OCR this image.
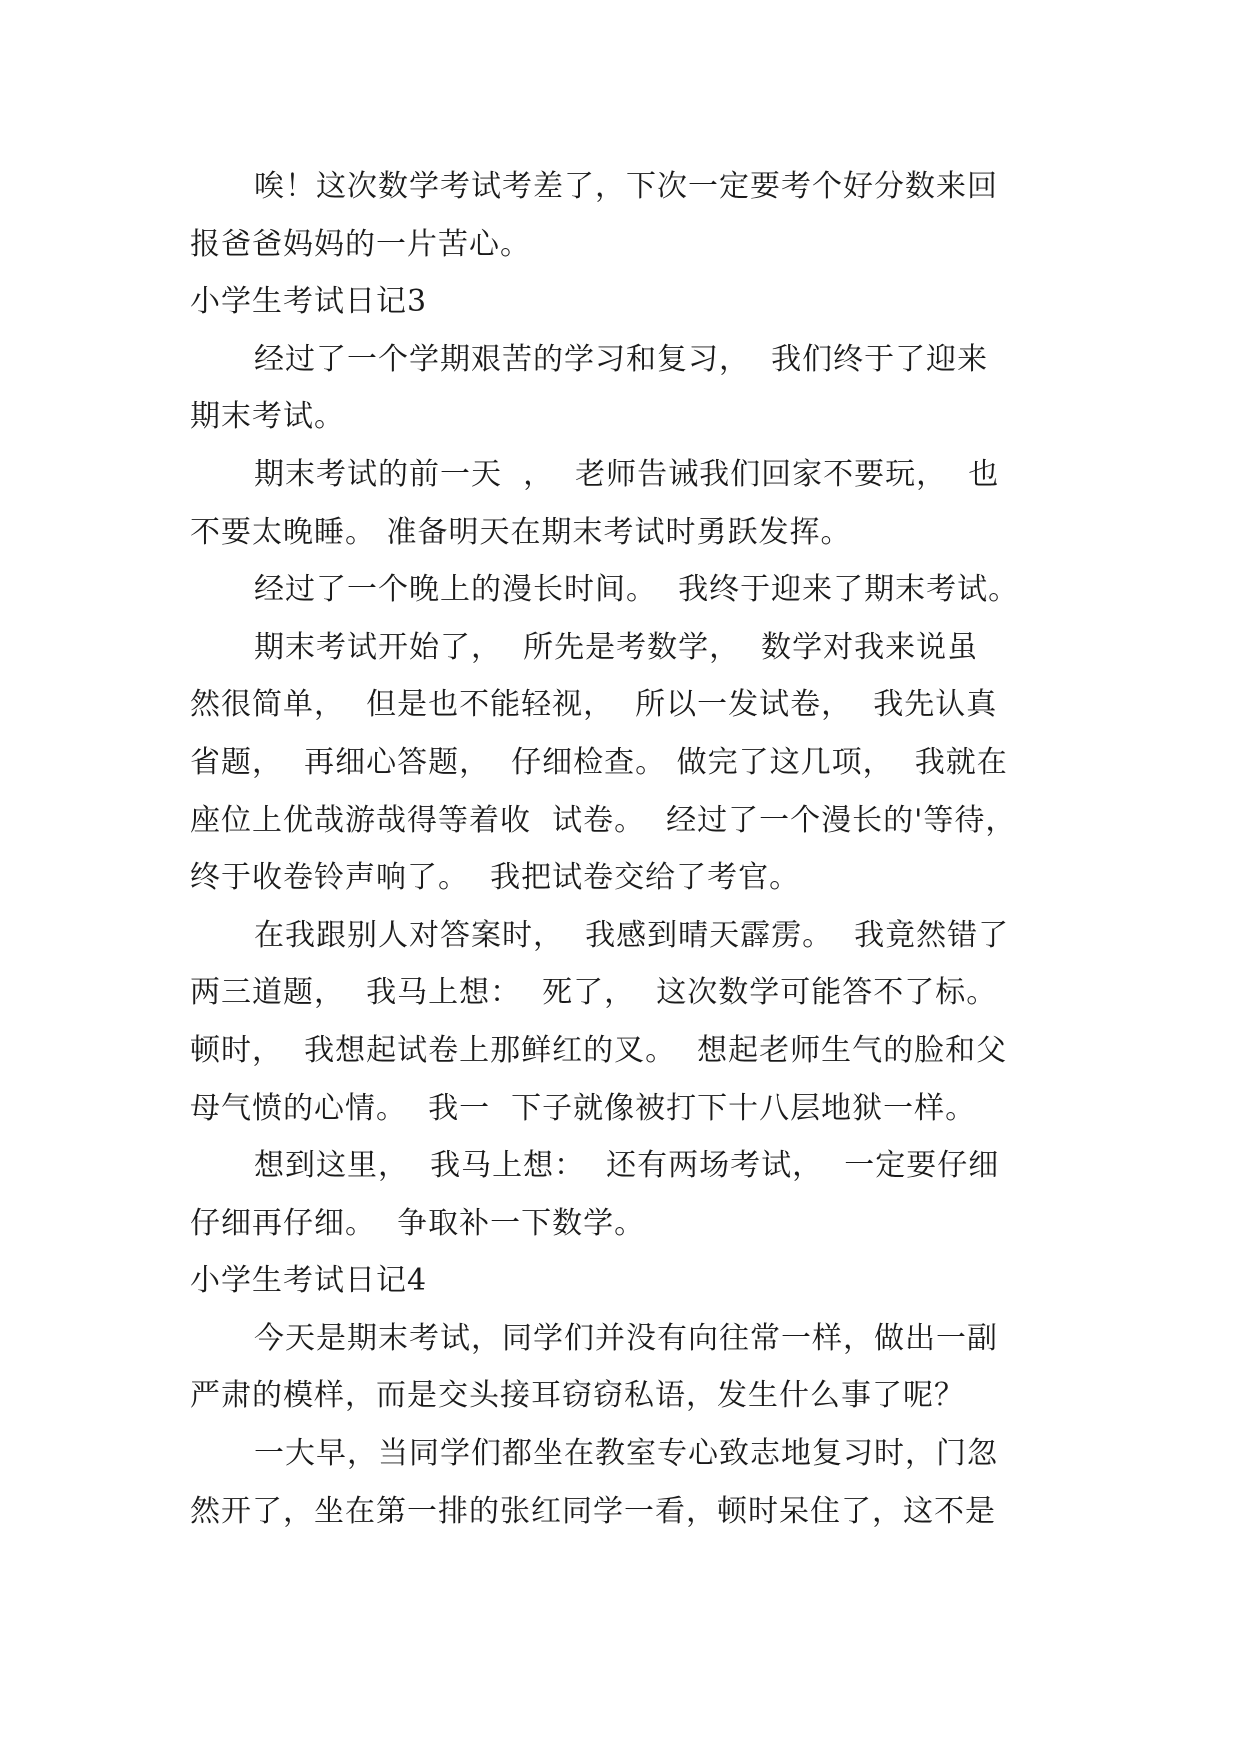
唉！这次数学考试考差了，下次一定要考个好分数来回
报爸爸妈妈的一片苦心。
小学生考试日记3
经过了一个学期艰苦的学习和复习，  我们终于了迎来
期末考试。
期末考试的前一天  ，  老师告诫我们回家不要玩，  也
不要太晚睡。 准备明天在期末考试时勇跃发挥。
经过了一个晚上的漫长时间。  我终于迎来了期末考试。
期末考试开始了，  所先是考数学，  数学对我来说虽
然很简单，  但是也不能轻视，  所以一发试卷，  我先认真
省题，  再细心答题，  仔细检查。 做完了这几项，  我就在
座位上优哉游哉得等着收  试卷。  经过了一个漫长的'等待，
终于收卷铃声响了。  我把试卷交给了考官。
在我跟别人对答案时，  我感到晴天霹雳。  我竟然错了
两三道题，  我马上想：  死了，  这次数学可能答不了标。
顿时，  我想起试卷上那鲜红的叉。  想起老师生气的脸和父
母气愤的心情。  我一  下子就像被打下十八层地狱一样。
想到这里，  我马上想：  还有两场考试，  一定要仔细
仔细再仔细。  争取补一下数学。
小学生考试日记4
今天是期末考试，同学们并没有向往常一样，做出一副
严肃的模样，而是交头接耳窃窃私语，发生什么事了呢？
一大早，当同学们都坐在教室专心致志地复习时，门忽
然开了，坐在第一排的张红同学一看，顿时呆住了，这不是
